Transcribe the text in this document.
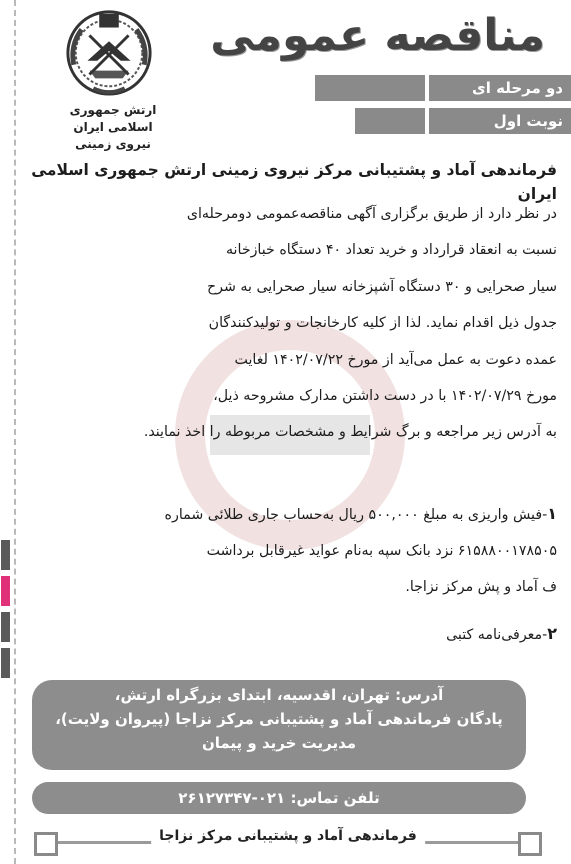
مناقصه عمومی
ارتش جمهوری اسلامی ایران
نیروی زمینی
دو مرحله ای
نوبت اول
فرماندهی آماد و پشتیبانی مرکز نیروی زمینی ارتش جمهوری اسلامی ایران

در نظر دارد از طریق برگزاری آگهی مناقصه‌عمومی دومرحله‌ای

نسبت به انعقاد قرارداد و خرید تعداد ۴۰ دستگاه خبازخانه

سیار صحرایی و ۳۰ دستگاه آشپزخانه سیار صحرایی به شرح

جدول ذیل اقدام نماید. لذا از کلیه کارخانجات و تولیدکنندگان

عمده دعوت به عمل می‌آید از مورخ ۱۴۰۲/۰۷/۲۲ لغایت

مورخ ۱۴۰۲/۰۷/۲۹ با در دست داشتن مدارک مشروحه ذیل،

به آدرس زیر مراجعه و برگ شرایط و مشخصات مربوطه را اخذ نمایند.

۱-فیش واریزی به مبلغ ۵۰۰,۰۰۰ ریال به‌حساب جاری طلائی شماره
۶۱۵۸۸۰۰۱۷۸۵۰۵ نزد بانک سپه به‌نام عواید غیرقابل برداشت
ف آماد و پش مرکز نزاجا.
۲-معرفی‌نامه کتبی
آدرس: تهران، اقدسیه، ابتدای بزرگراه ارتش،
پادگان فرماندهی آماد و پشتیبانی مرکز نزاجا (پیروان ولایت)،
مدیریت خرید و پیمان
تلفن تماس: ۰۲۱-۲۶۱۲۷۳۴۷
فرماندهی آماد و پشتیبانی مرکز نزاجا
